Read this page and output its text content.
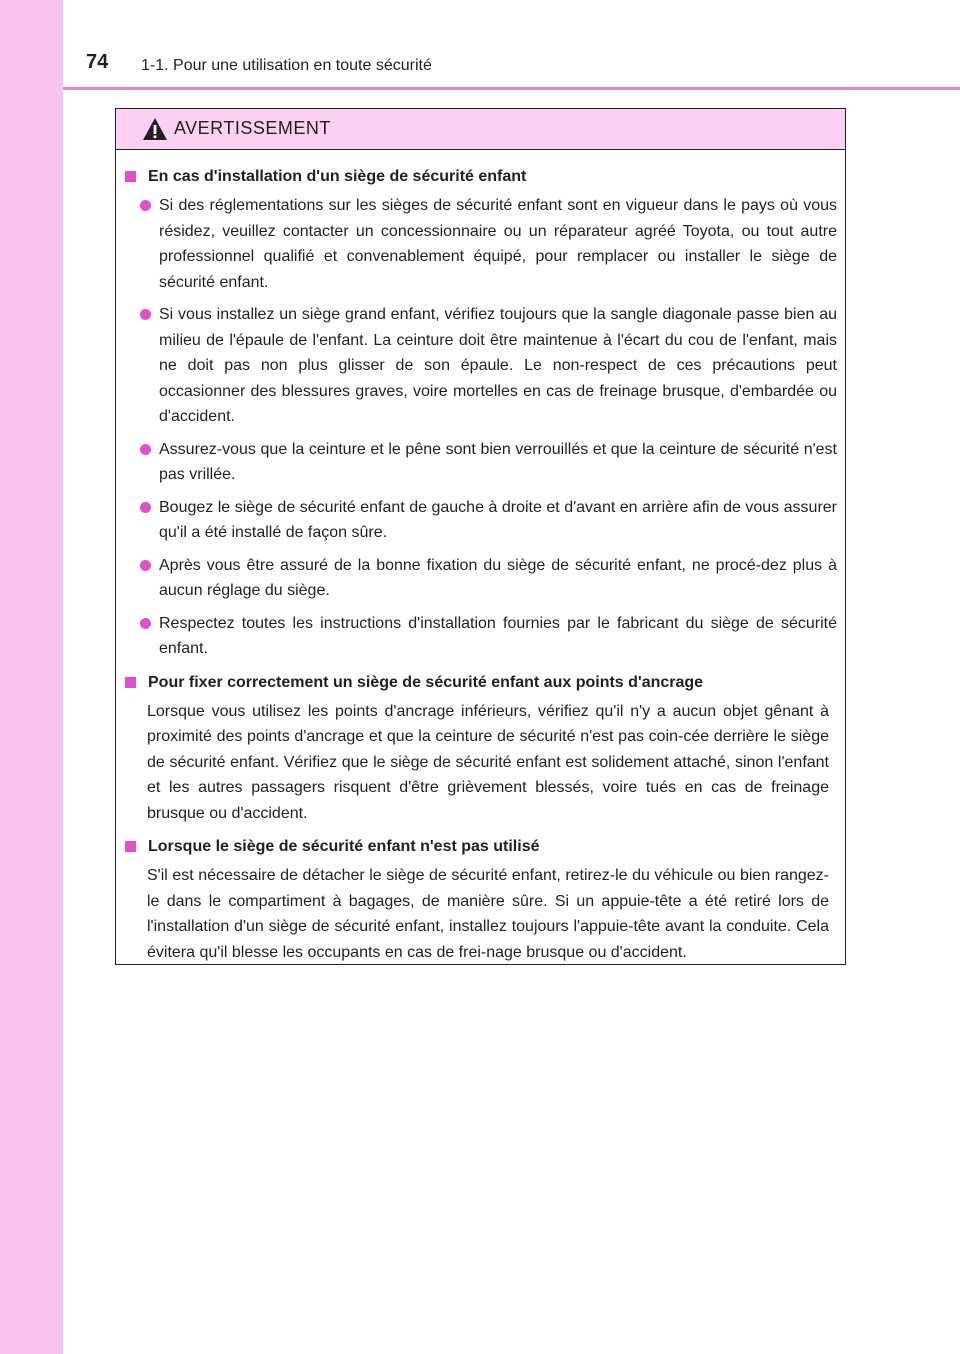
74 1-1. Pour une utilisation en toute sécurité
AVERTISSEMENT
En cas d'installation d'un siège de sécurité enfant
Si des réglementations sur les sièges de sécurité enfant sont en vigueur dans le pays où vous résidez, veuillez contacter un concessionnaire ou un réparateur agréé Toyota, ou tout autre professionnel qualifié et convenablement équipé, pour remplacer ou installer le siège de sécurité enfant.
Si vous installez un siège grand enfant, vérifiez toujours que la sangle diagonale passe bien au milieu de l'épaule de l'enfant. La ceinture doit être maintenue à l'écart du cou de l'enfant, mais ne doit pas non plus glisser de son épaule. Le non-respect de ces précautions peut occasionner des blessures graves, voire mortelles en cas de freinage brusque, d'embardée ou d'accident.
Assurez-vous que la ceinture et le pêne sont bien verrouillés et que la ceinture de sécurité n'est pas vrillée.
Bougez le siège de sécurité enfant de gauche à droite et d'avant en arrière afin de vous assurer qu'il a été installé de façon sûre.
Après vous être assuré de la bonne fixation du siège de sécurité enfant, ne procé-dez plus à aucun réglage du siège.
Respectez toutes les instructions d'installation fournies par le fabricant du siège de sécurité enfant.
Pour fixer correctement un siège de sécurité enfant aux points d'ancrage
Lorsque vous utilisez les points d'ancrage inférieurs, vérifiez qu'il n'y a aucun objet gênant à proximité des points d'ancrage et que la ceinture de sécurité n'est pas coin-cée derrière le siège de sécurité enfant. Vérifiez que le siège de sécurité enfant est solidement attaché, sinon l'enfant et les autres passagers risquent d'être grièvement blessés, voire tués en cas de freinage brusque ou d'accident.
Lorsque le siège de sécurité enfant n'est pas utilisé
S'il est nécessaire de détacher le siège de sécurité enfant, retirez-le du véhicule ou bien rangez-le dans le compartiment à bagages, de manière sûre. Si un appuie-tête a été retiré lors de l'installation d'un siège de sécurité enfant, installez toujours l'appuie-tête avant la conduite. Cela évitera qu'il blesse les occupants en cas de frei-nage brusque ou d'accident.
